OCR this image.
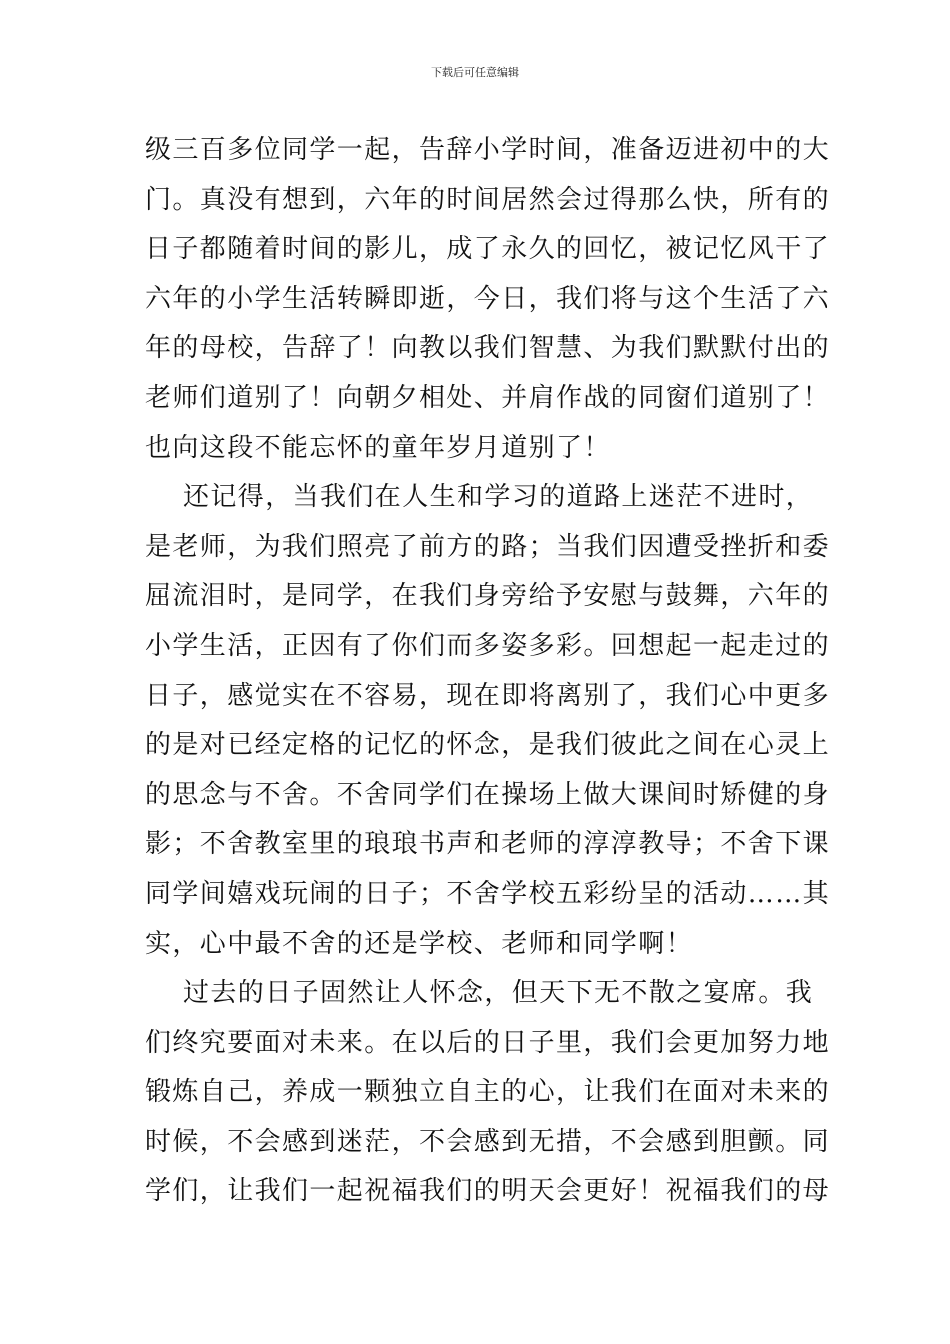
下载后可任意编辑
级三百多位同学一起，告辞小学时间，准备迈进初中的大
门。真没有想到，六年的时间居然会过得那么快，所有的
日子都随着时间的影儿，成了永久的回忆，被记忆风干了
六年的小学生活转瞬即逝，今日，我们将与这个生活了六
年的母校，告辞了！向教以我们智慧、为我们默默付出的
老师们道别了！向朝夕相处、并肩作战的同窗们道别了！
也向这段不能忘怀的童年岁月道别了！
还记得，当我们在人生和学习的道路上迷茫不进时，
是老师，为我们照亮了前方的路；当我们因遭受挫折和委
屈流泪时，是同学，在我们身旁给予安慰与鼓舞，六年的
小学生活，正因有了你们而多姿多彩。回想起一起走过的
日子，感觉实在不容易，现在即将离别了，我们心中更多
的是对已经定格的记忆的怀念，是我们彼此之间在心灵上
的思念与不舍。不舍同学们在操场上做大课间时矫健的身
影；不舍教室里的琅琅书声和老师的淳淳教导；不舍下课
同学间嬉戏玩闹的日子；不舍学校五彩纷呈的活动……其
实，心中最不舍的还是学校、老师和同学啊！
过去的日子固然让人怀念，但天下无不散之宴席。我
们终究要面对未来。在以后的日子里，我们会更加努力地
锻炼自己，养成一颗独立自主的心，让我们在面对未来的
时候，不会感到迷茫，不会感到无措，不会感到胆颤。同
学们，让我们一起祝福我们的明天会更好！祝福我们的母
